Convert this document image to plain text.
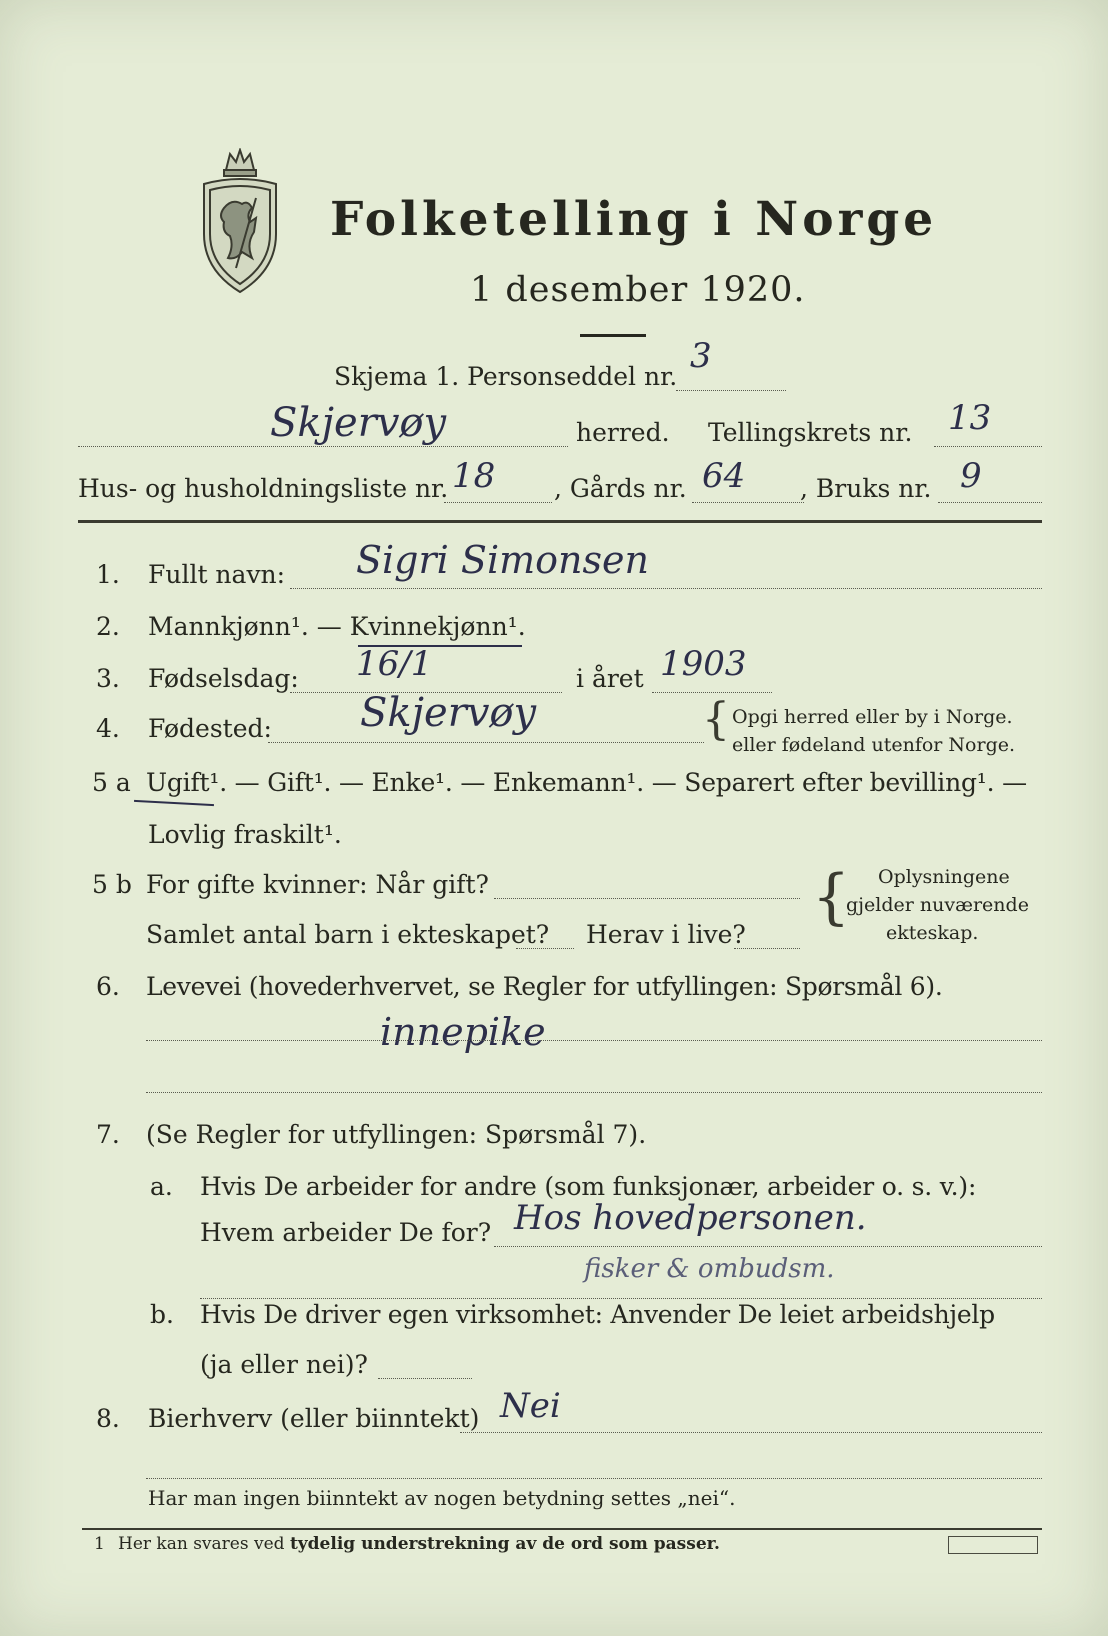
Folketelling i Norge
1 desember 1920.
Skjema 1. Personseddel nr.
3
Skjervøy	herred. Tellingskrets nr. 13
Hus- og husholdningsliste nr. 18 , Gårds nr. 64 , Bruks nr. 9
1. Fullt navn: Sigri Simonsen
2. Mannkjønn¹. — Kvinnekjønn¹.
3. Fødselsdag: 16/1	i året 1903
4. Fødested: Skjervøy	{ Opgi herred eller by i Norge.
eller fødeland utenfor Norge.
5 a Ugift¹. — Gift¹. — Enke¹. — Enkemann¹. — Separert efter bevilling¹. —
Lovlig fraskilt¹.
5 b For gifte kvinner: Når gift?
Samlet antal barn i ekteskapet? Herav i live?
{ Oplysningene
gjelder nuværende
ekteskap.
6. Levevei (hovederhvervet, se Regler for utfyllingen: Spørsmål 6).
innepike
7. (Se Regler for utfyllingen: Spørsmål 7).
a. Hvis De arbeider for andre (som funksjonær, arbeider o. s. v.):
Hvem arbeider De for? Hos hovedpersonen.
fisker & ombudsm.
b. Hvis De driver egen virksomhet: Anvender De leiet arbeidshjelp
(ja eller nei)?
8. Bierhverv (eller biinntekt) Nei
Har man ingen biinntekt av nogen betydning settes „nei“.
1 Her kan svares ved tydelig understrekning av de ord som passer.
